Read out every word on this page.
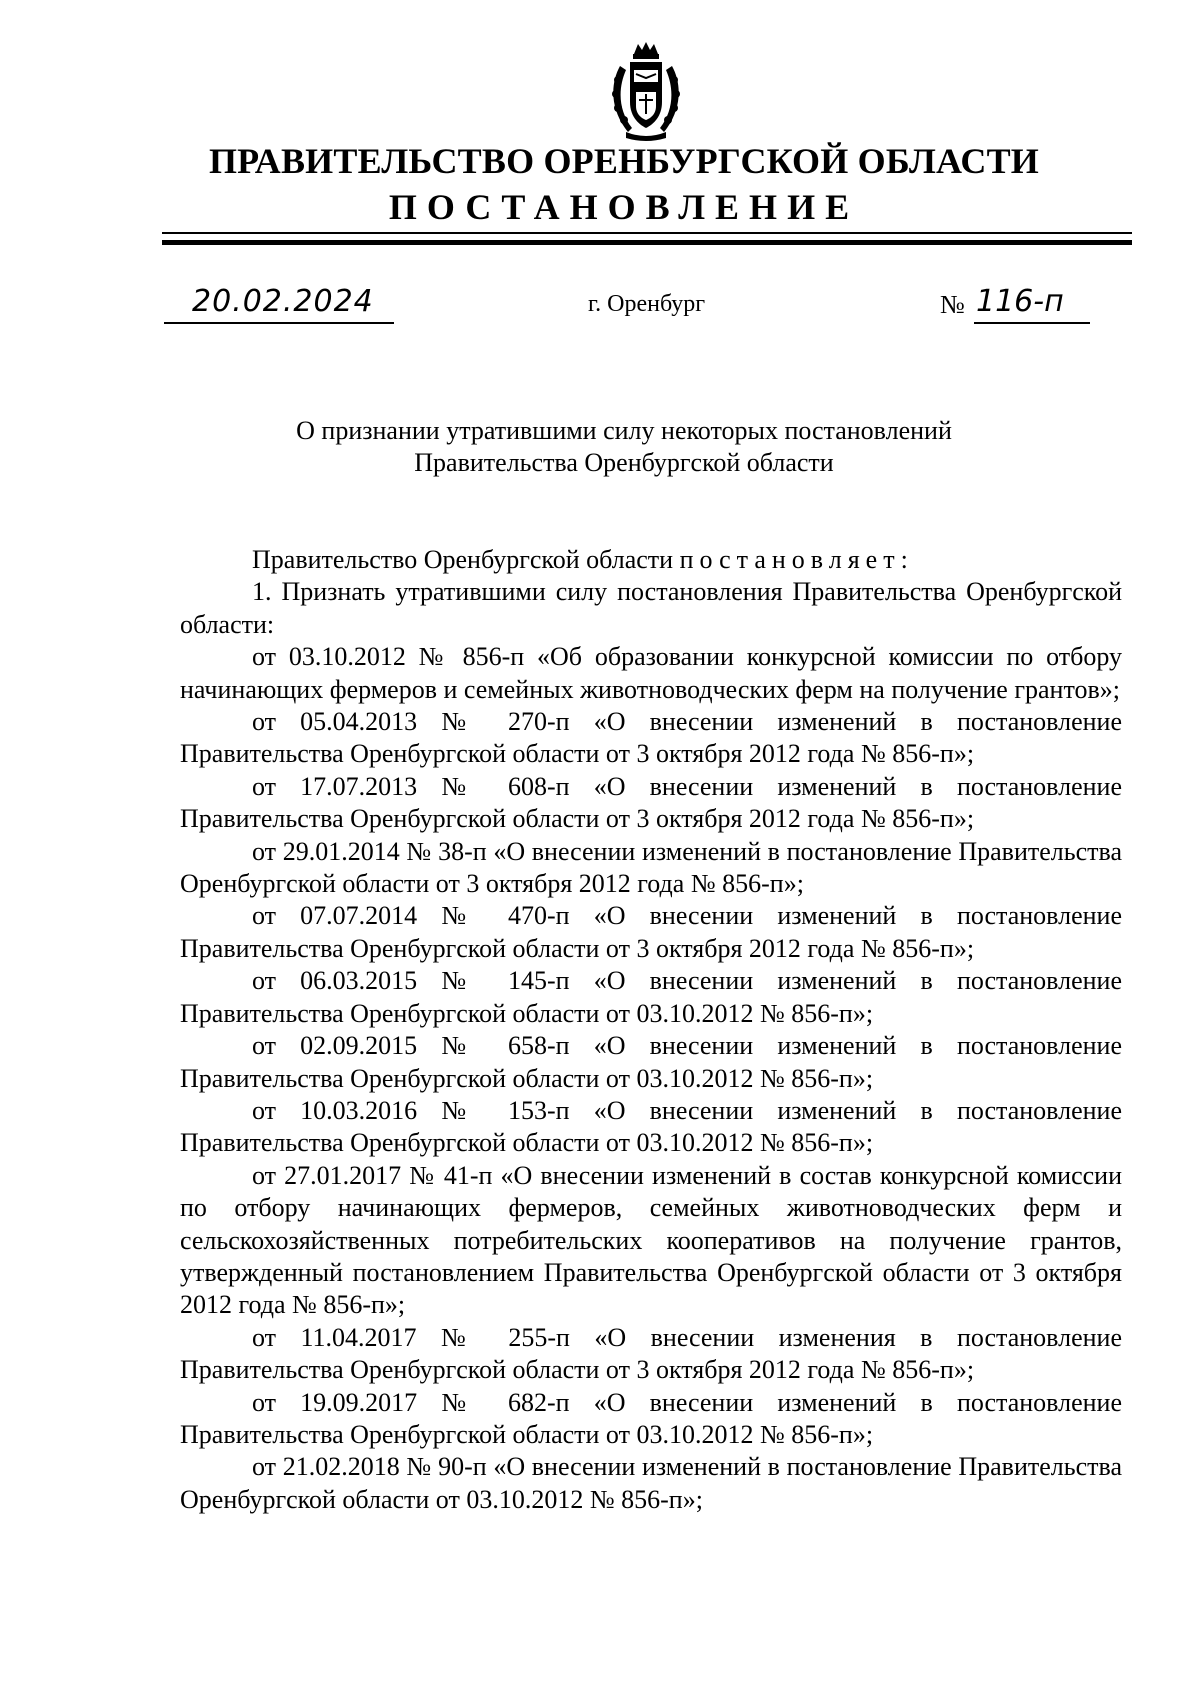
ПРАВИТЕЛЬСТВО ОРЕНБУРГСКОЙ ОБЛАСТИ
ПОСТАНОВЛЕНИЕ
20.02.2024	г. Оренбург	№ 116-п
О признании утратившими силу некоторых постановлений
Правительства Оренбургской области

Правительство Оренбургской области постановляет:

1. Признать утратившими силу постановления Правительства Оренбургской области:

от 03.10.2012 № 856-п «Об образовании конкурсной комиссии по отбору начинающих фермеров и семейных животноводческих ферм на получение грантов»;

от 05.04.2013 № 270-п «О внесении изменений в постановление Правительства Оренбургской области от 3 октября 2012 года № 856-п»;

от 17.07.2013 № 608-п «О внесении изменений в постановление Правительства Оренбургской области от 3 октября 2012 года № 856-п»;

от 29.01.2014 № 38-п «О внесении изменений в постановление Правительства Оренбургской области от 3 октября 2012 года № 856-п»;

от 07.07.2014 № 470-п «О внесении изменений в постановление Правительства Оренбургской области от 3 октября 2012 года № 856-п»;

от 06.03.2015 № 145-п «О внесении изменений в постановление Правительства Оренбургской области от 03.10.2012 № 856-п»;

от 02.09.2015 № 658-п «О внесении изменений в постановление Правительства Оренбургской области от 03.10.2012 № 856-п»;

от 10.03.2016 № 153-п «О внесении изменений в постановление Правительства Оренбургской области от 03.10.2012 № 856-п»;

от 27.01.2017 № 41-п «О внесении изменений в состав конкурсной комиссии по отбору начинающих фермеров, семейных животноводческих ферм и сельскохозяйственных потребительских кооперативов на получение грантов, утвержденный постановлением Правительства Оренбургской области от 3 октября 2012 года № 856-п»;

от 11.04.2017 № 255-п «О внесении изменения в постановление Правительства Оренбургской области от 3 октября 2012 года № 856-п»;

от 19.09.2017 № 682-п «О внесении изменений в постановление Правительства Оренбургской области от 03.10.2012 № 856-п»;

от 21.02.2018 № 90-п «О внесении изменений в постановление Правительства Оренбургской области от 03.10.2012 № 856-п»;
